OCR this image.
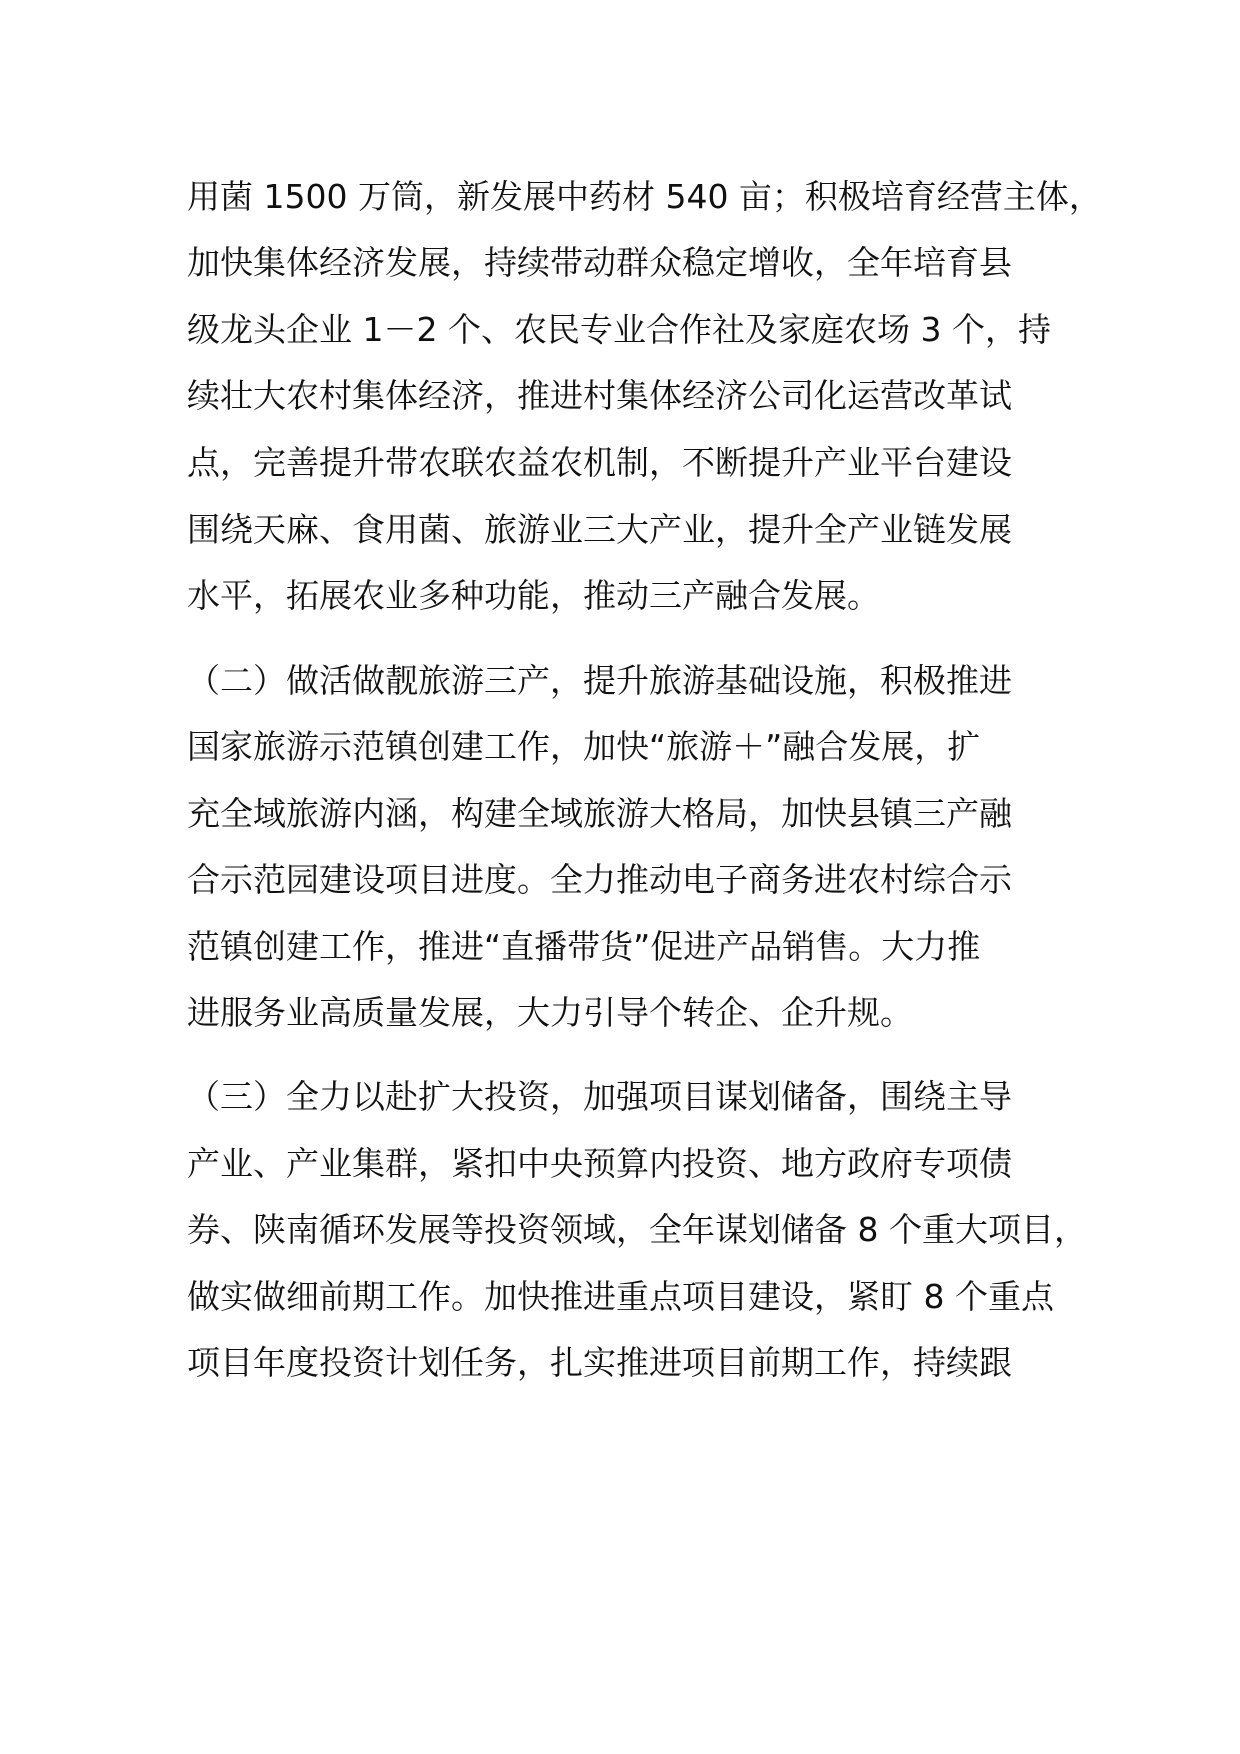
用菌 1500 万筒，新发展中药材 540 亩；积极培育经营主体，
加快集体经济发展，持续带动群众稳定增收，全年培育县
级龙头企业 1－2 个、农民专业合作社及家庭农场 3 个，持
续壮大农村集体经济，推进村集体经济公司化运营改革试
点，完善提升带农联农益农机制，不断提升产业平台建设
围绕天麻、食用菌、旅游业三大产业，提升全产业链发展
水平，拓展农业多种功能，推动三产融合发展。
（二）做活做靓旅游三产，提升旅游基础设施，积极推进
国家旅游示范镇创建工作，加快“旅游＋”融合发展，扩
充全域旅游内涵，构建全域旅游大格局，加快县镇三产融
合示范园建设项目进度。全力推动电子商务进农村综合示
范镇创建工作，推进“直播带货”促进产品销售。大力推
进服务业高质量发展，大力引导个转企、企升规。
（三）全力以赴扩大投资，加强项目谋划储备，围绕主导
产业、产业集群，紧扣中央预算内投资、地方政府专项债
券、陕南循环发展等投资领域，全年谋划储备 8 个重大项目，
做实做细前期工作。加快推进重点项目建设，紧盯 8 个重点
项目年度投资计划任务，扎实推进项目前期工作，持续跟
